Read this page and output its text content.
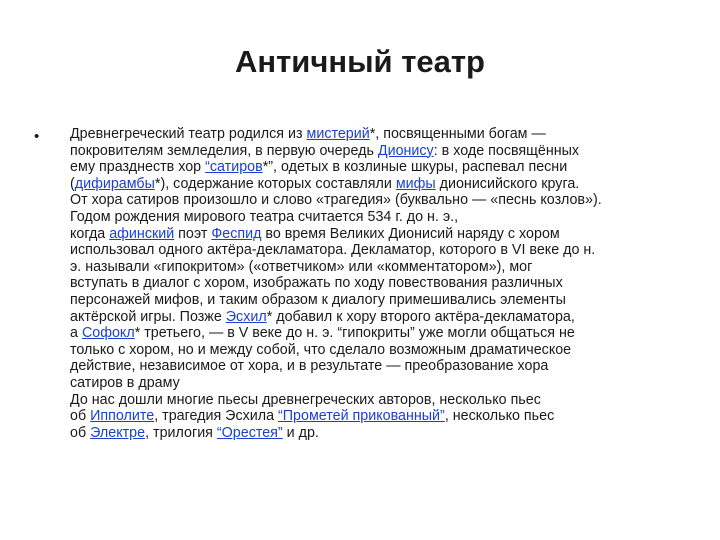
Античный театр
• Древнегреческий театр родился из мистерий*, посвященными богам —
покровителям земледелия, в первую очередь Дионису: в ходе посвящённых
ему празднеств хор “сатиров*”, одетых в козлиные шкуры, распевал песни
(дифирамбы*), содержание которых составляли мифы дионисийского круга.
От хора сатиров произошло и слово «трагедия» (буквально — «песнь козлов»).
Годом рождения мирового театра считается 534 г. до н. э.,
когда афинский поэт Феспид во время Великих Дионисий наряду с хором
использовал одного актёра-декламатора. Декламатор, которого в VI веке до н.
э. называли «гипокритом» («ответчиком» или «комментатором»), мог
вступать в диалог с хором, изображать по ходу повествования различных
персонажей мифов, и таким образом к диалогу примешивались элементы
актёрской игры. Позже Эсхил* добавил к хору второго актёра-декламатора,
а Софокл* третьего, — в V веке до н. э. “гипокриты” уже могли общаться не
только с хором, но и между собой, что сделало возможным драматическое
действие, независимое от хора, и в результате — преобразование хора
сатиров в драму
До нас дошли многие пьесы древнегреческих авторов, несколько пьес
об Ипполите, трагедия Эсхила “Прометей прикованный”, несколько пьес
об Электре, трилогия “Орестея” и др.
